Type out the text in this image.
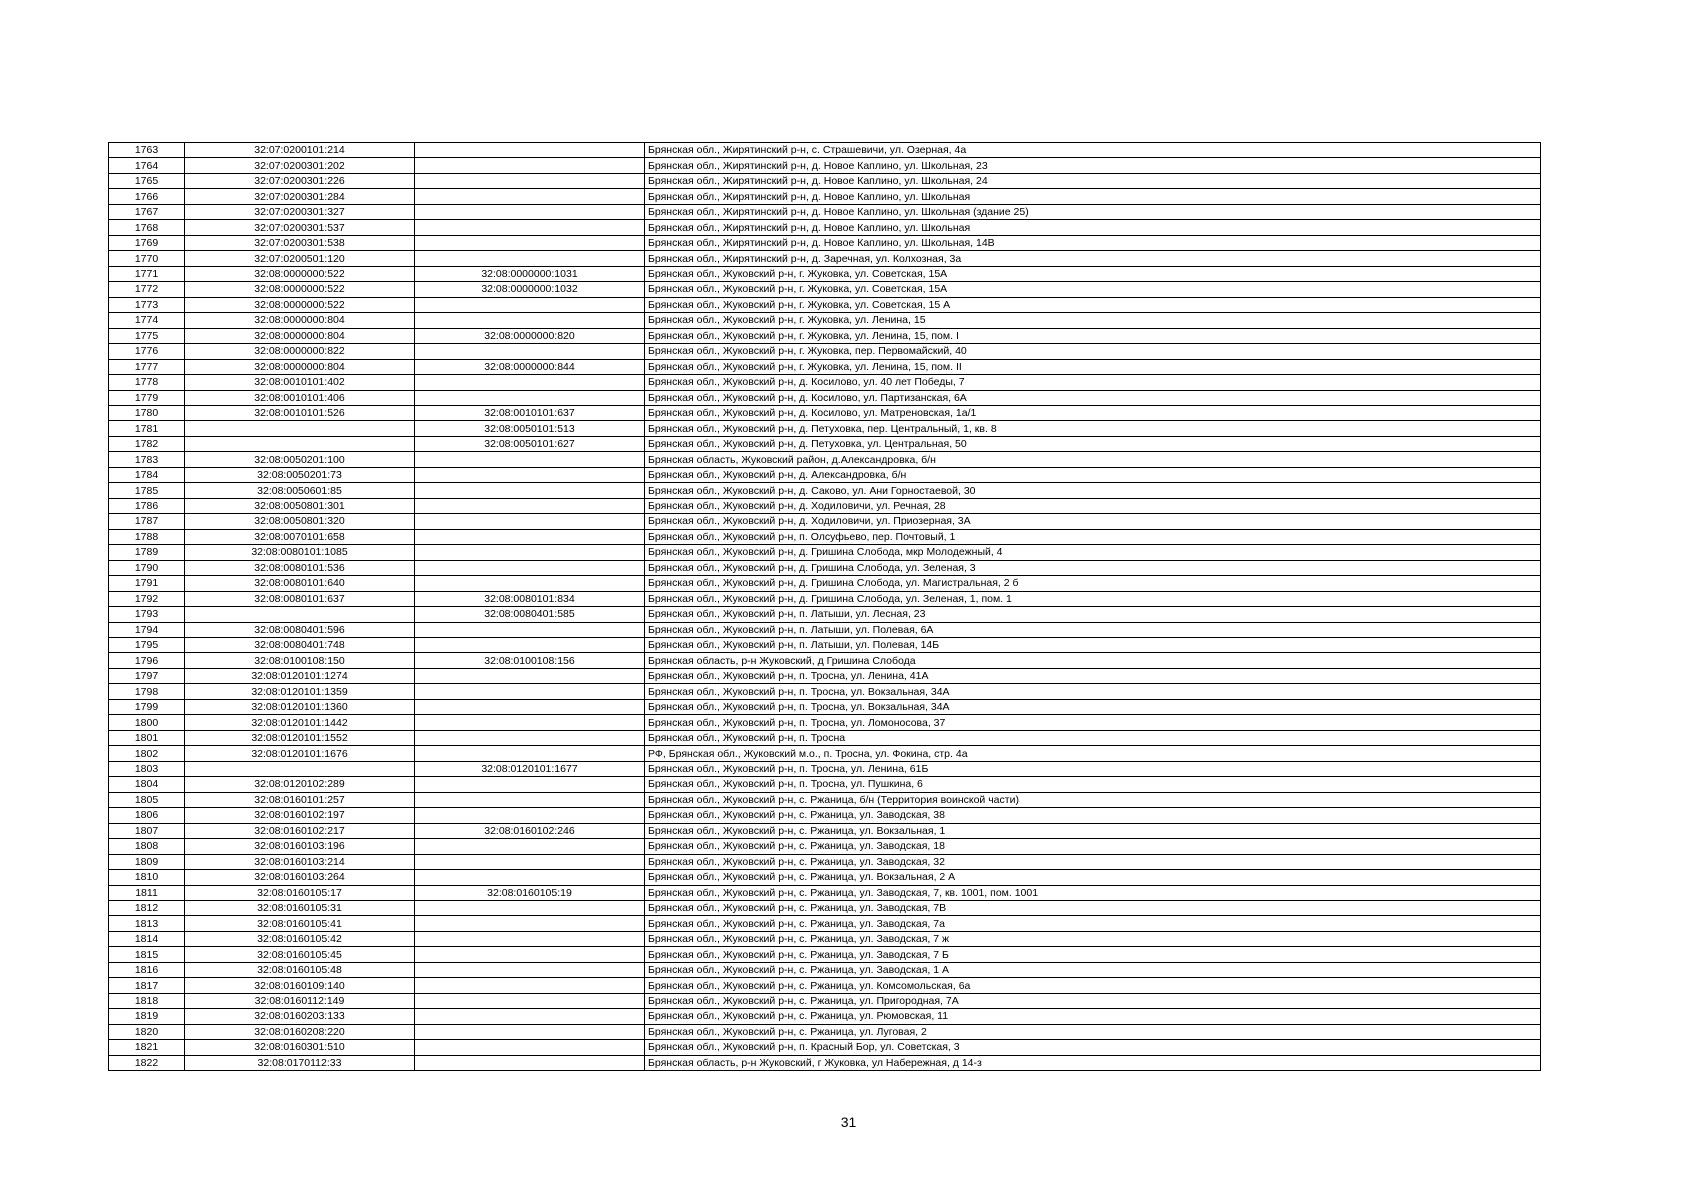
1763	32:07:0200101:214		Брянская обл., Жирятинский р-н, с. Страшевичи, ул. Озерная, 4а
1764	32:07:0200301:202		Брянская обл., Жирятинский р-н, д. Новое Каплино, ул. Школьная, 23
1765	32:07:0200301:226		Брянская обл., Жирятинский р-н, д. Новое Каплино, ул. Школьная, 24
1766	32:07:0200301:284		Брянская обл., Жирятинский р-н, д. Новое Каплино, ул. Школьная
1767	32:07:0200301:327		Брянская обл., Жирятинский р-н, д. Новое Каплино, ул. Школьная (здание 25)
1768	32:07:0200301:537		Брянская обл., Жирятинский р-н, д. Новое Каплино, ул. Школьная
1769	32:07:0200301:538		Брянская обл., Жирятинский р-н, д. Новое Каплино, ул. Школьная, 14В
1770	32:07:0200501:120		Брянская обл., Жирятинский р-н, д. Заречная, ул. Колхозная, 3а
1771	32:08:0000000:522	32:08:0000000:1031	Брянская обл., Жуковский р-н, г. Жуковка, ул. Советская, 15А
1772	32:08:0000000:522	32:08:0000000:1032	Брянская обл., Жуковский р-н, г. Жуковка, ул. Советская, 15А
1773	32:08:0000000:522		Брянская обл., Жуковский р-н, г. Жуковка, ул. Советская, 15 А
1774	32:08:0000000:804		Брянская обл., Жуковский р-н, г. Жуковка, ул. Ленина, 15
1775	32:08:0000000:804	32:08:0000000:820	Брянская обл., Жуковский р-н, г. Жуковка, ул. Ленина, 15, пом. I
1776	32:08:0000000:822		Брянская обл., Жуковский р-н, г. Жуковка, пер. Первомайский, 40
1777	32:08:0000000:804	32:08:0000000:844	Брянская обл., Жуковский р-н, г. Жуковка, ул. Ленина, 15, пом. II
1778	32:08:0010101:402		Брянская обл., Жуковский р-н, д. Косилово, ул. 40 лет Победы, 7
1779	32:08:0010101:406		Брянская обл., Жуковский р-н, д. Косилово, ул. Партизанская, 6А
1780	32:08:0010101:526	32:08:0010101:637	Брянская обл., Жуковский р-н, д. Косилово, ул. Матреновская, 1а/1
1781		32:08:0050101:513	Брянская обл., Жуковский р-н, д. Петуховка, пер. Центральный, 1, кв. 8
1782		32:08:0050101:627	Брянская обл., Жуковский р-н, д. Петуховка, ул. Центральная, 50
1783	32:08:0050201:100		Брянская область, Жуковский район, д.Александровка, б/н
1784	32:08:0050201:73		Брянская обл., Жуковский р-н, д. Александровка, б/н
1785	32:08:0050601:85		Брянская обл., Жуковский р-н, д. Саково, ул. Ани Горностаевой, 30
1786	32:08:0050801:301		Брянская обл., Жуковский р-н, д. Ходиловичи, ул. Речная, 28
1787	32:08:0050801:320		Брянская обл., Жуковский р-н, д. Ходиловичи, ул. Приозерная, 3А
1788	32:08:0070101:658		Брянская обл., Жуковский р-н, п. Олсуфьево, пер. Почтовый, 1
1789	32:08:0080101:1085		Брянская обл., Жуковский р-н, д. Гришина Слобода, мкр Молодежный, 4
1790	32:08:0080101:536		Брянская обл., Жуковский р-н, д. Гришина Слобода, ул. Зеленая, 3
1791	32:08:0080101:640		Брянская обл., Жуковский р-н, д. Гришина Слобода, ул. Магистральная, 2 б
1792	32:08:0080101:637	32:08:0080101:834	Брянская обл., Жуковский р-н, д. Гришина Слобода, ул. Зеленая, 1, пом. 1
1793		32:08:0080401:585	Брянская обл., Жуковский р-н, п. Латыши, ул. Лесная, 23
1794	32:08:0080401:596		Брянская обл., Жуковский р-н, п. Латыши, ул. Полевая, 6А
1795	32:08:0080401:748		Брянская обл., Жуковский р-н, п. Латыши, ул. Полевая, 14Б
1796	32:08:0100108:150	32:08:0100108:156	Брянская область, р-н Жуковский, д Гришина Слобода
1797	32:08:0120101:1274		Брянская обл., Жуковский р-н, п. Тросна, ул. Ленина, 41А
1798	32:08:0120101:1359		Брянская обл., Жуковский р-н, п. Тросна, ул. Вокзальная, 34А
1799	32:08:0120101:1360		Брянская обл., Жуковский р-н, п. Тросна, ул. Вокзальная, 34А
1800	32:08:0120101:1442		Брянская обл., Жуковский р-н, п. Тросна, ул. Ломоносова, 37
1801	32:08:0120101:1552		Брянская обл., Жуковский р-н, п. Тросна
1802	32:08:0120101:1676		РФ, Брянская обл., Жуковский м.о., п. Тросна, ул. Фокина, стр. 4а
1803		32:08:0120101:1677	Брянская обл., Жуковский р-н, п. Тросна, ул. Ленина, 61Б
1804	32:08:0120102:289		Брянская обл., Жуковский р-н, п. Тросна, ул. Пушкина, 6
1805	32:08:0160101:257		Брянская обл., Жуковский р-н, с. Ржаница, б/н (Территория воинской части)
1806	32:08:0160102:197		Брянская обл., Жуковский р-н, с. Ржаница, ул. Заводская, 38
1807	32:08:0160102:217	32:08:0160102:246	Брянская обл., Жуковский р-н, с. Ржаница, ул. Вокзальная, 1
1808	32:08:0160103:196		Брянская обл., Жуковский р-н, с. Ржаница, ул. Заводская, 18
1809	32:08:0160103:214		Брянская обл., Жуковский р-н, с. Ржаница, ул. Заводская, 32
1810	32:08:0160103:264		Брянская обл., Жуковский р-н, с. Ржаница, ул. Вокзальная, 2 А
1811	32:08:0160105:17	32:08:0160105:19	Брянская обл., Жуковский р-н, с. Ржаница, ул. Заводская, 7, кв. 1001, пом. 1001
1812	32:08:0160105:31		Брянская обл., Жуковский р-н, с. Ржаница, ул. Заводская, 7В
1813	32:08:0160105:41		Брянская обл., Жуковский р-н, с. Ржаница, ул. Заводская, 7а
1814	32:08:0160105:42		Брянская обл., Жуковский р-н, с. Ржаница, ул. Заводская, 7 ж
1815	32:08:0160105:45		Брянская обл., Жуковский р-н, с. Ржаница, ул. Заводская, 7 Б
1816	32:08:0160105:48		Брянская обл., Жуковский р-н, с. Ржаница, ул. Заводская, 1 А
1817	32:08:0160109:140		Брянская обл., Жуковский р-н, с. Ржаница, ул. Комсомольская, 6а
1818	32:08:0160112:149		Брянская обл., Жуковский р-н, с. Ржаница, ул. Пригородная, 7А
1819	32:08:0160203:133		Брянская обл., Жуковский р-н, с. Ржаница, ул. Рюмовская, 11
1820	32:08:0160208:220		Брянская обл., Жуковский р-н, с. Ржаница, ул. Луговая, 2
1821	32:08:0160301:510		Брянская обл., Жуковский р-н, п. Красный Бор, ул. Советская, 3
1822	32:08:0170112:33		Брянская область, р-н Жуковский, г Жуковка, ул Набережная, д 14-з
31
